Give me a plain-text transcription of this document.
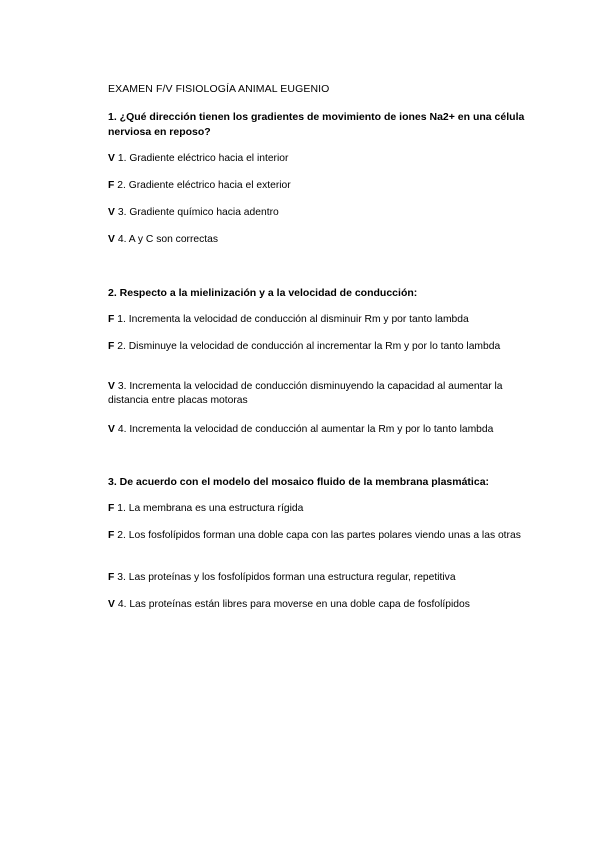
EXAMEN F/V FISIOLOGÍA ANIMAL EUGENIO

1. ¿Qué dirección tienen los gradientes de movimiento de iones Na2+ en una célula nerviosa en reposo?

V 1. Gradiente eléctrico hacia el interior
F 2. Gradiente eléctrico hacia el exterior
V 3. Gradiente químico hacia adentro
V 4. A y C son correctas

2. Respecto a la mielinización y a la velocidad de conducción:

F 1. Incrementa la velocidad de conducción al disminuir Rm y por tanto lambda
F 2. Disminuye la velocidad de conducción al incrementar la Rm y por lo tanto lambda
V 3. Incrementa la velocidad de conducción disminuyendo la capacidad al aumentar la distancia entre placas motoras
V 4. Incrementa la velocidad de conducción al aumentar la Rm y por lo tanto lambda

3. De acuerdo con el modelo del mosaico fluido de la membrana plasmática:

F 1. La membrana es una estructura rígida
F 2. Los fosfolípidos forman una doble capa con las partes polares viendo unas a las otras
F 3. Las proteínas y los fosfolípidos forman una estructura regular, repetitiva
V 4. Las proteínas están libres para moverse en una doble capa de fosfolípidos
